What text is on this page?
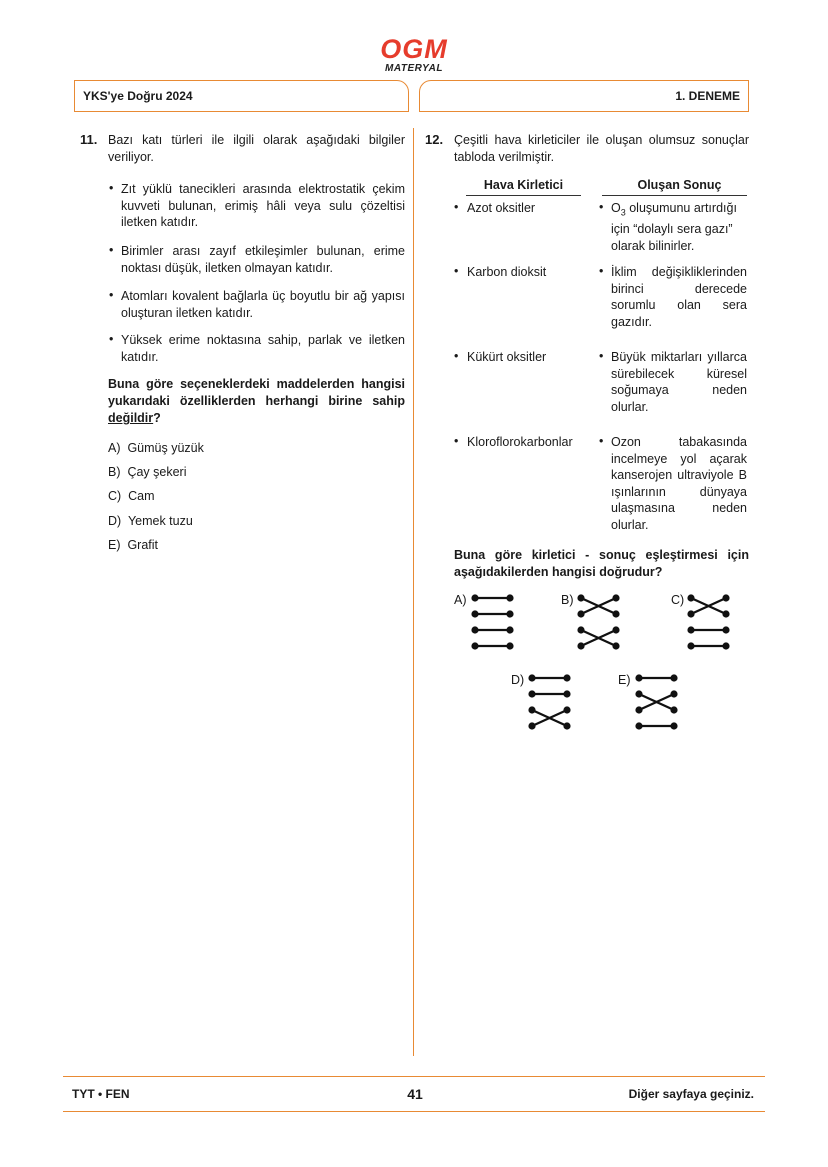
OGM
MATERYAL
YKS'ye Doğru 2024	1. DENEME
11. Bazı katı türleri ile ilgili olarak aşağıdaki bilgiler veriliyor.
• Zıt yüklü tanecikleri arasında elektrostatik çekim kuvveti bulunan, erimiş hâli veya sulu çözeltisi iletken katıdır.
• Birimler arası zayıf etkileşimler bulunan, erime noktası düşük, iletken olmayan katıdır.
• Atomları kovalent bağlarla üç boyutlu bir ağ yapısı oluşturan iletken katıdır.
• Yüksek erime noktasına sahip, parlak ve iletken katıdır.
Buna göre seçeneklerdeki maddelerden hangisi yukarıdaki özelliklerden herhangi birine sahip değildir?
A) Gümüş yüzük
B) Çay şekeri
C) Cam
D) Yemek tuzu
E) Grafit
12. Çeşitli hava kirleticiler ile oluşan olumsuz sonuçlar tabloda verilmiştir.
Hava Kirletici	Oluşan Sonuç
• Azot oksitler	• $O_3$ oluşumunu artırdığı için “dolaylı sera gazı” olarak bilinirler.
• Karbon dioksit	• İklim değişikliklerinden birinci derecede sorumlu olan sera gazıdır.
• Kükürt oksitler	• Büyük miktarları yıllarca sürebilecek küresel soğumaya neden olurlar.
• Kloroflorokarbonlar • Ozon tabakasında incelmeye yol açarak kanserojen ultraviyole B ışınlarının dünyaya ulaşmasına neden olurlar.
Buna göre kirletici - sonuç eşleştirmesi için aşağıdakilerden hangisi doğrudur?
A)	B)	C)
D)	E)
TYT • FEN	41	Diğer sayfaya geçiniz.
